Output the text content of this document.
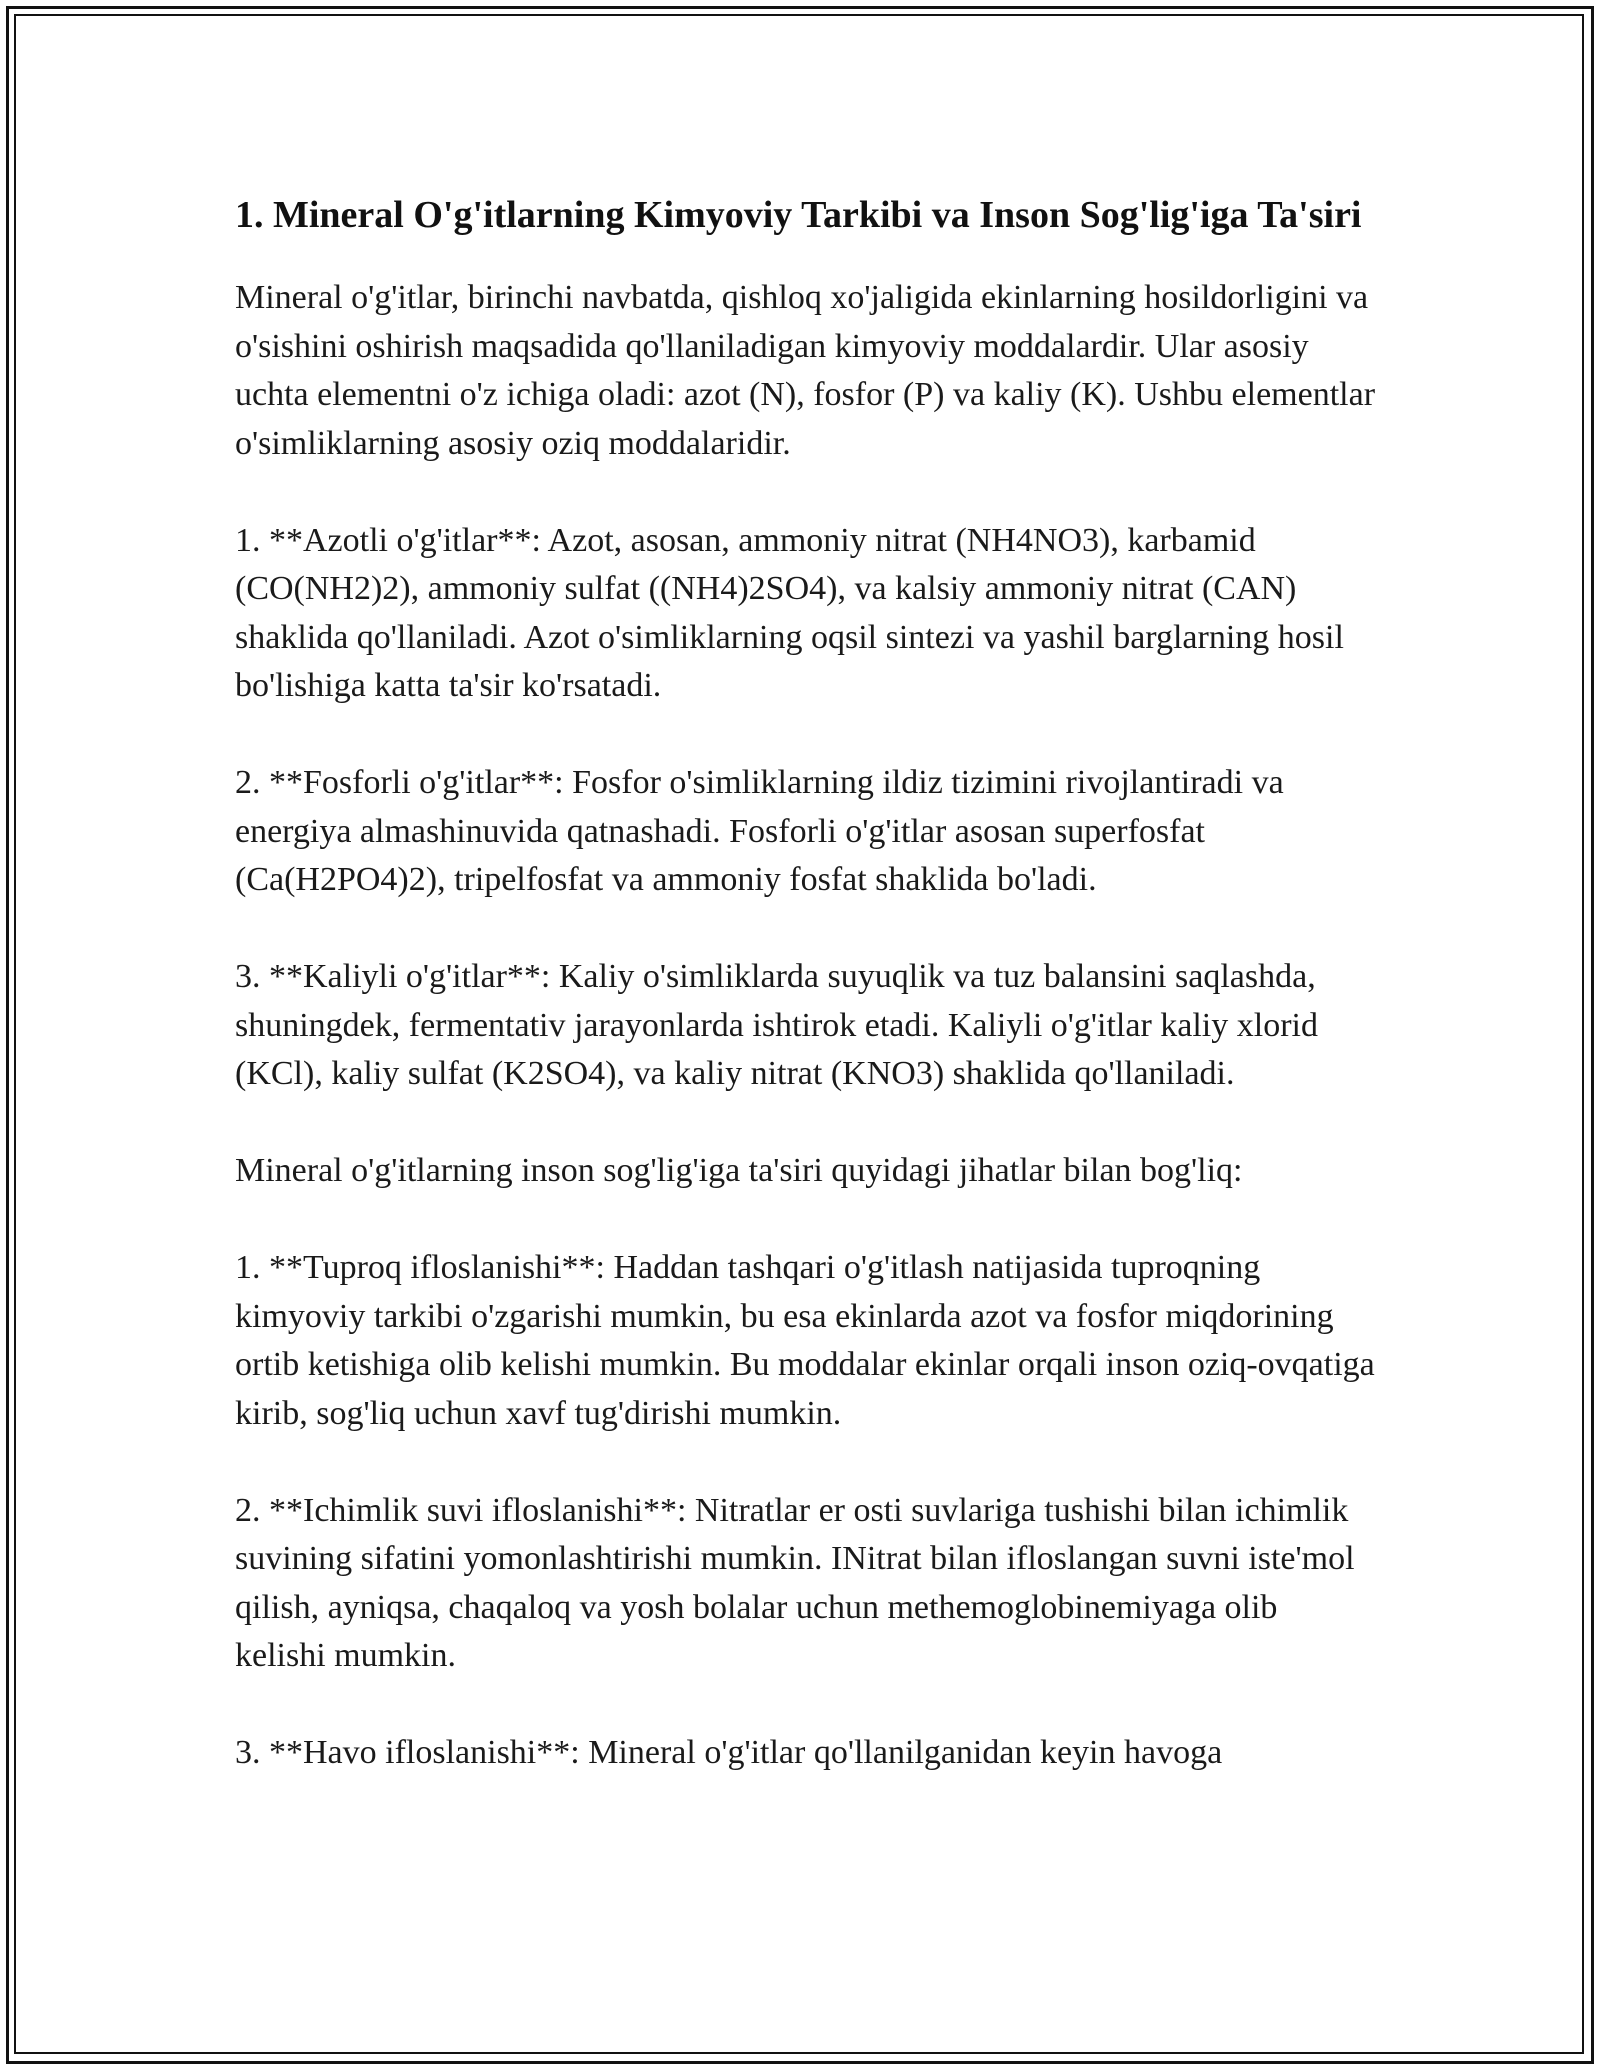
1. Mineral O'g'itlarning Kimyoviy Tarkibi va Inson Sog'lig'iga Ta'siri

Mineral o'g'itlar, birinchi navbatda, qishloq xo'jaligida ekinlarning hosildorligini va o'sishini oshirish maqsadida qo'llaniladigan kimyoviy moddalardir. Ular asosiy uchta elementni o'z ichiga oladi: azot (N), fosfor (P) va kaliy (K). Ushbu elementlar o'simliklarning asosiy oziq moddalaridir.

1. **Azotli o'g'itlar**: Azot, asosan, ammoniy nitrat (NH4NO3), karbamid (CO(NH2)2), ammoniy sulfat ((NH4)2SO4), va kalsiy ammoniy nitrat (CAN) shaklida qo'llaniladi. Azot o'simliklarning oqsil sintezi va yashil barglarning hosil bo'lishiga katta ta'sir ko'rsatadi.

2. **Fosforli o'g'itlar**: Fosfor o'simliklarning ildiz tizimini rivojlantiradi va energiya almashinuvida qatnashadi. Fosforli o'g'itlar asosan superfosfat (Ca(H2PO4)2), tripelfosfat va ammoniy fosfat shaklida bo'ladi.

3. **Kaliyli o'g'itlar**: Kaliy o'simliklarda suyuqlik va tuz balansini saqlashda, shuningdek, fermentativ jarayonlarda ishtirok etadi. Kaliyli o'g'itlar kaliy xlorid (KCl), kaliy sulfat (K2SO4), va kaliy nitrat (KNO3) shaklida qo'llaniladi.

Mineral o'g'itlarning inson sog'lig'iga ta'siri quyidagi jihatlar bilan bog'liq:

1. **Tuproq ifloslanishi**: Haddan tashqari o'g'itlash natijasida tuproqning kimyoviy tarkibi o'zgarishi mumkin, bu esa ekinlarda azot va fosfor miqdorining ortib ketishiga olib kelishi mumkin. Bu moddalar ekinlar orqali inson oziq-ovqatiga kirib, sog'liq uchun xavf tug'dirishi mumkin.

2. **Ichimlik suvi ifloslanishi**: Nitratlar er osti suvlariga tushishi bilan ichimlik suvining sifatini yomonlashtirishi mumkin. INitrat bilan ifloslangan suvni iste'mol qilish, ayniqsa, chaqaloq va yosh bolalar uchun methemoglobinemiyaga olib kelishi mumkin.

3. **Havo ifloslanishi**: Mineral o'g'itlar qo'llanilganidan keyin havoga
